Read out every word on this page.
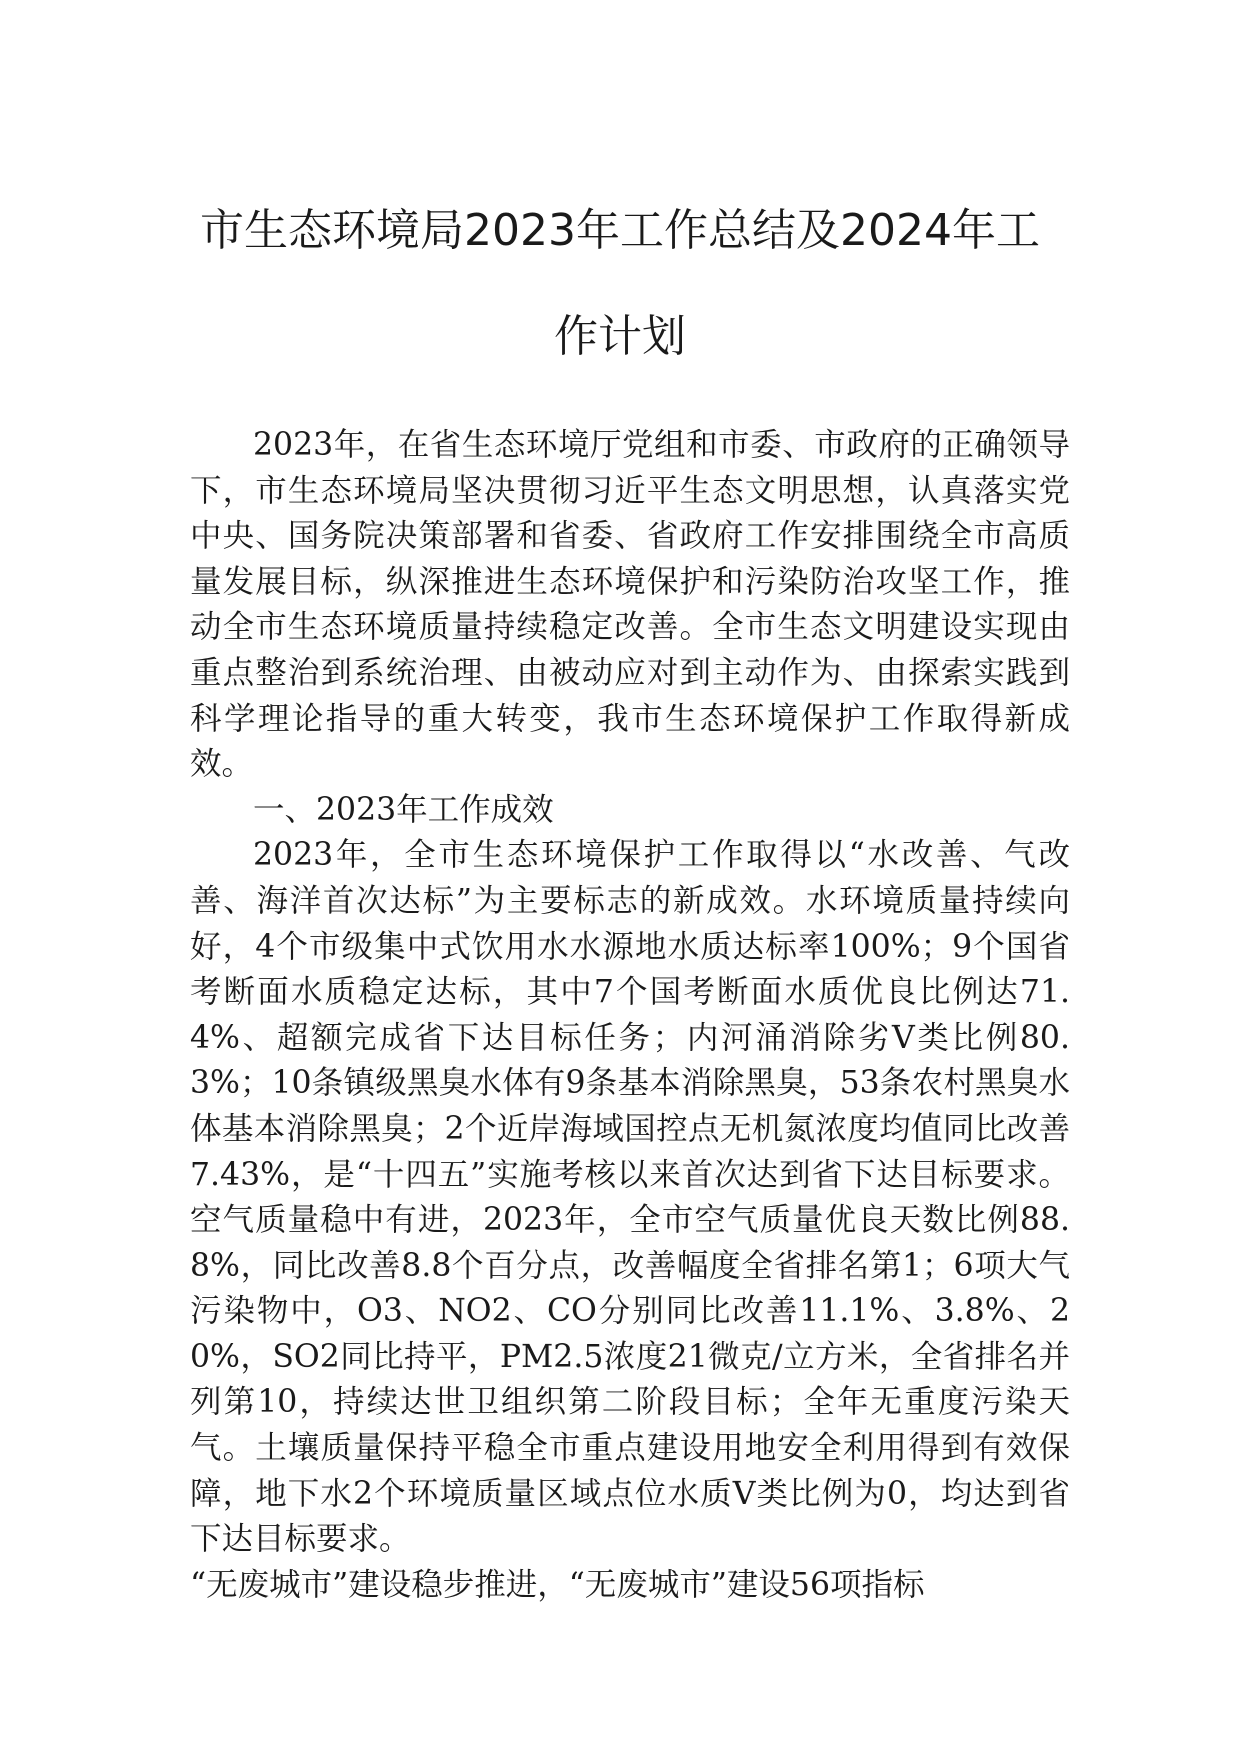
市生态环境局2023年工作总结及2024年工作计划

2023年，在省生态环境厅党组和市委、市政府的正确领导下，市生态环境局坚决贯彻习近平生态文明思想，认真落实党中央、国务院决策部署和省委、省政府工作安排围绕全市高质量发展目标，纵深推进生态环境保护和污染防治攻坚工作，推动全市生态环境质量持续稳定改善。全市生态文明建设实现由重点整治到系统治理、由被动应对到主动作为、由探索实践到科学理论指导的重大转变，我市生态环境保护工作取得新成效。

一、2023年工作成效

2023年，全市生态环境保护工作取得以“水改善、气改善、海洋首次达标”为主要标志的新成效。水环境质量持续向好，4个市级集中式饮用水水源地水质达标率100%；9个国省考断面水质稳定达标，其中7个国考断面水质优良比例达71.4%、超额完成省下达目标任务；内河涌消除劣Ⅴ类比例80.3%；10条镇级黑臭水体有9条基本消除黑臭，53条农村黑臭水体基本消除黑臭；2个近岸海域国控点无机氮浓度均值同比改善7.43%，是“十四五”实施考核以来首次达到省下达目标要求。空气质量稳中有进，2023年，全市空气质量优良天数比例88.8%，同比改善8.8个百分点，改善幅度全省排名第1；6项大气污染物中，O3、NO2、CO分别同比改善11.1%、3.8%、20%，SO2同比持平，PM2.5浓度21微克/立方米，全省排名并列第10，持续达世卫组织第二阶段目标；全年无重度污染天气。土壤质量保持平稳全市重点建设用地安全利用得到有效保障，地下水2个环境质量区域点位水质Ⅴ类比例为0，均达到省下达目标要求。

“无废城市”建设稳步推进，“无废城市”建设56项指标
